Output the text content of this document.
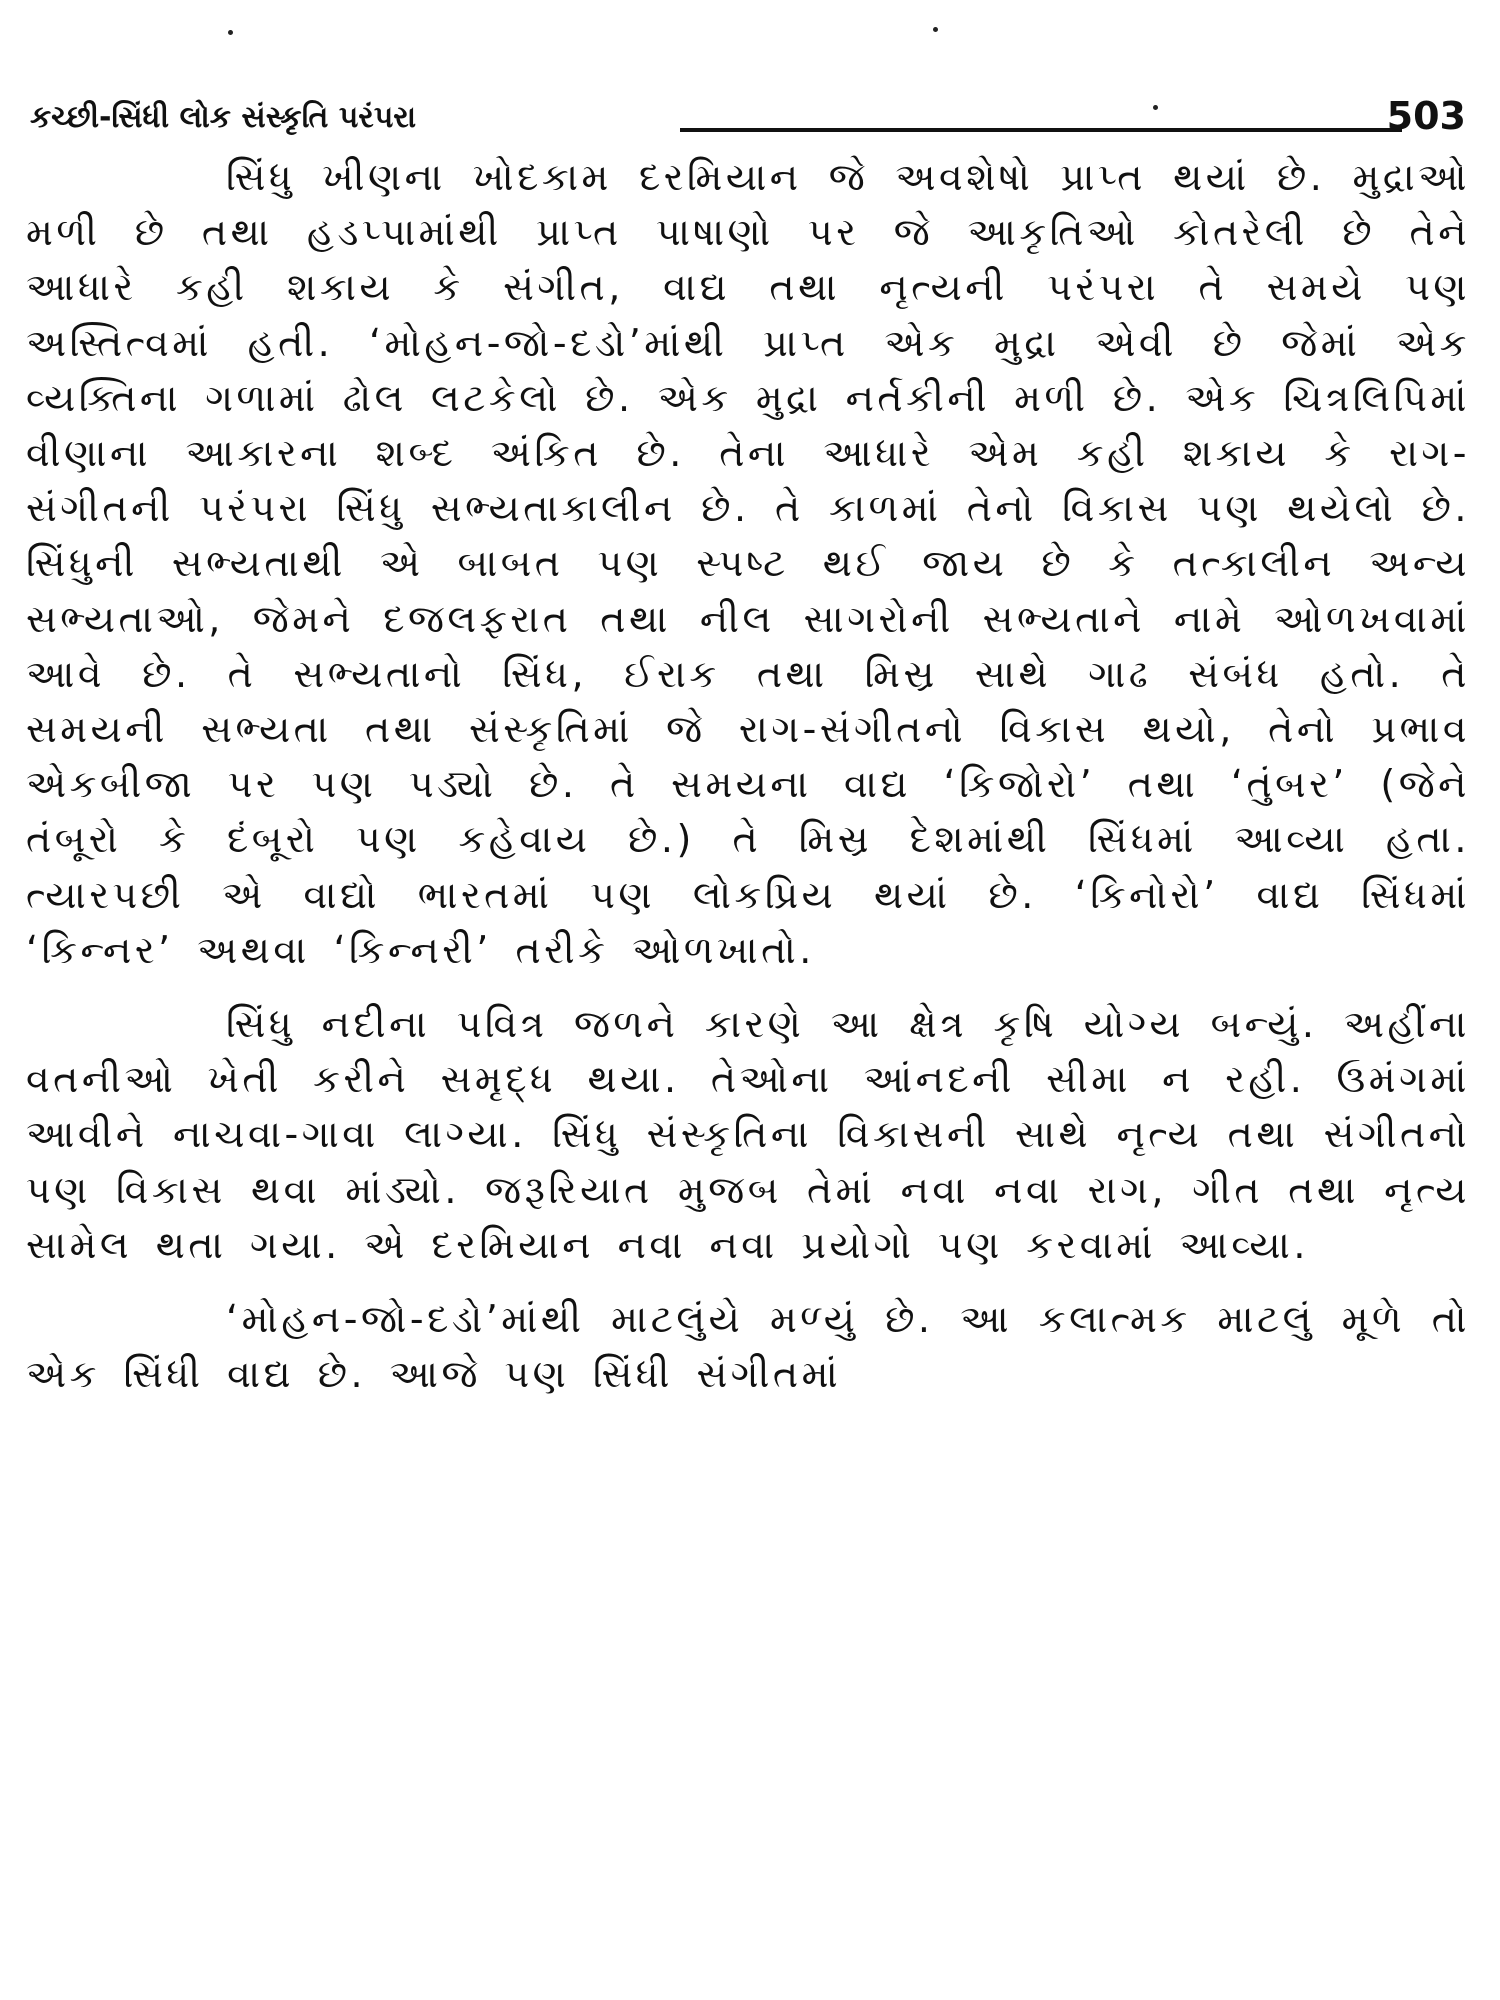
કચ્છી-સિંધી લોક સંસ્કૃતિ પરંપરા	503

સિંધુ ખીણના ખોદકામ દરમિયાન જે અવશેષો પ્રાપ્ત થયાં છે. મુદ્રાઓ મળી છે તથા હડપ્પામાંથી પ્રાપ્ત પાષાણો પર જે આકૃતિઓ કોતરેલી છે તેને આધારે કહી શકાય કે સંગીત, વાદ્ય તથા નૃત્યની પરંપરા તે સમયે પણ અસ્તિત્વમાં હતી. ‘મોહન-જો-દડો’માંથી પ્રાપ્ત એક મુદ્રા એવી છે જેમાં એક વ્યક્તિના ગળામાં ઢોલ લટકેલો છે. એક મુદ્રા નર્તકીની મળી છે. એક ચિત્રલિપિમાં વીણાના આકારના શબ્દ અંકિત છે. તેના આધારે એમ કહી શકાય કે રાગ-સંગીતની પરંપરા સિંધુ સભ્યતાકાલીન છે. તે કાળમાં તેનો વિકાસ પણ થયેલો છે. સિંધુની સભ્યતાથી એ બાબત પણ સ્પષ્ટ થઈ જાય છે કે તત્કાલીન અન્ય સભ્યતાઓ, જેમને દજલફરાત તથા નીલ સાગરોની સભ્યતાને નામે ઓળખવામાં આવે છે. તે સભ્યતાનો સિંધ, ઈરાક તથા મિસ્ર સાથે ગાઢ સંબંધ હતો. તે સમયની સભ્યતા તથા સંસ્કૃતિમાં જે રાગ-સંગીતનો વિકાસ થયો, તેનો પ્રભાવ એકબીજા પર પણ પડ્યો છે. તે સમયના વાદ્ય ‘કિજોરો’ તથા ‘તુંબર’ (જેને તંબૂરો કે દંબૂરો પણ કહેવાય છે.) તે મિસ્ર દેશમાંથી સિંધમાં આવ્યા હતા. ત્યારપછી એ વાદ્યો ભારતમાં પણ લોકપ્રિય થયાં છે. ‘કિનોરો’ વાદ્ય સિંધમાં ‘કિન્નર’ અથવા ‘કિન્નરી’ તરીકે ઓળખાતો.

સિંધુ નદીના પવિત્ર જળને કારણે આ ક્ષેત્ર કૃષિ યોગ્ય બન્યું. અહીંના વતનીઓ ખેતી કરીને સમૃદ્ધ થયા. તેઓના આંનદની સીમા ન રહી. ઉમંગમાં આવીને નાચવા-ગાવા લાગ્યા. સિંધુ સંસ્કૃતિના વિકાસની સાથે નૃત્ય તથા સંગીતનો પણ વિકાસ થવા માંડ્યો. જરૂરિયાત મુજબ તેમાં નવા નવા રાગ, ગીત તથા નૃત્ય સામેલ થતા ગયા. એ દરમિયાન નવા નવા પ્રયોગો પણ કરવામાં આવ્યા.

‘મોહન-જો-દડો’માંથી માટલુંયે મળ્યું છે. આ કલાત્મક માટલું મૂળે તો એક સિંધી વાદ્ય છે. આજે પણ સિંધી સંગીતમાં
